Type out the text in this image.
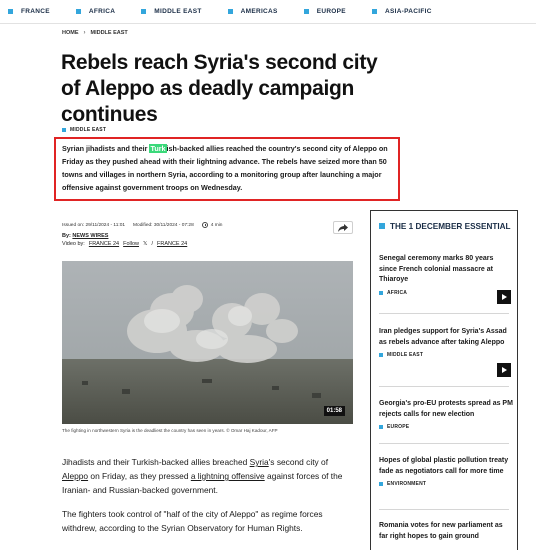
FRANCE	AFRICA	MIDDLE EAST	AMERICAS	EUROPE	ASIA-PACIFIC
HOME › MIDDLE EAST
Rebels reach Syria's second city of Aleppo as deadly campaign continues
MIDDLE EAST

Syrian jihadists and their Turkish-backed allies reached the country's second city of Aleppo on Friday as they pushed ahead with their lightning advance. The rebels have seized more than 50 towns and villages in northern Syria, according to a monitoring group after launching a major offensive against government troops on Wednesday.

Issued on: 29/11/2024 - 11:01 Modified: 30/11/2024 - 07:28	4 min
By: NEWS WIRES
Video by: FRANCE 24 Follow 𝕏 / FRANCE 24
01:58
The fighting in northwestern Syria is the deadliest the country has seen in years. © Omar Haj Kadour, AFP

Jihadists and their Turkish-backed allies breached Syria's second city of Aleppo on Friday, as they pressed a lightning offensive against forces of the Iranian- and Russian-backed government.

The fighters took control of "half of the city of Aleppo" as regime forces withdrew, according to the Syrian Observatory for Human Rights.

THE 1 DECEMBER ESSENTIAL
Senegal ceremony marks 80 years since French colonial massacre at Thiaroye
AFRICA
Iran pledges support for Syria's Assad as rebels advance after taking Aleppo
MIDDLE EAST
Georgia's pro-EU protests spread as PM rejects calls for new election
EUROPE
Hopes of global plastic pollution treaty fade as negotiators call for more time
ENVIRONMENT
Romania votes for new parliament as far right hopes to gain ground
